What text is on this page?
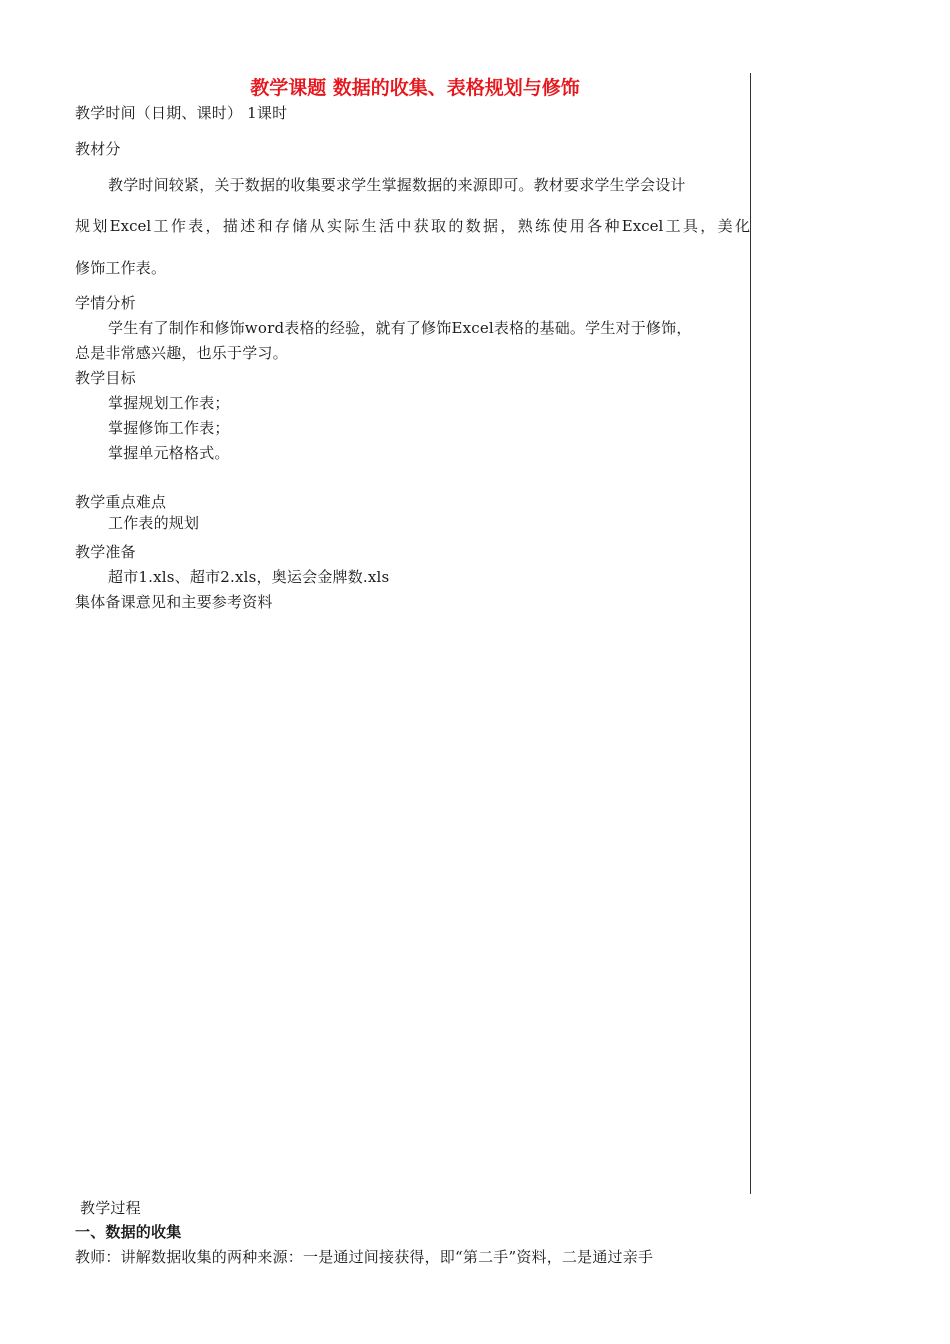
教学课题 数据的收集、表格规划与修饰
教学时间（日期、课时） 1课时
教材分
教学时间较紧，关于数据的收集要求学生掌握数据的来源即可。教材要求学生学会设计
规划Excel工作表，描述和存储从实际生活中获取的数据，熟练使用各种Excel工具，美化
修饰工作表。
学情分析
学生有了制作和修饰word表格的经验，就有了修饰Excel表格的基础。学生对于修饰，
总是非常感兴趣，也乐于学习。
教学目标
掌握规划工作表；
掌握修饰工作表；
掌握单元格格式。
教学重点难点
工作表的规划
教学准备
超市1.xls、超市2.xls，奥运会金牌数.xls
集体备课意见和主要参考资料
教学过程
一、数据的收集
教师：讲解数据收集的两种来源：一是通过间接获得，即“第二手”资料，二是通过亲手
